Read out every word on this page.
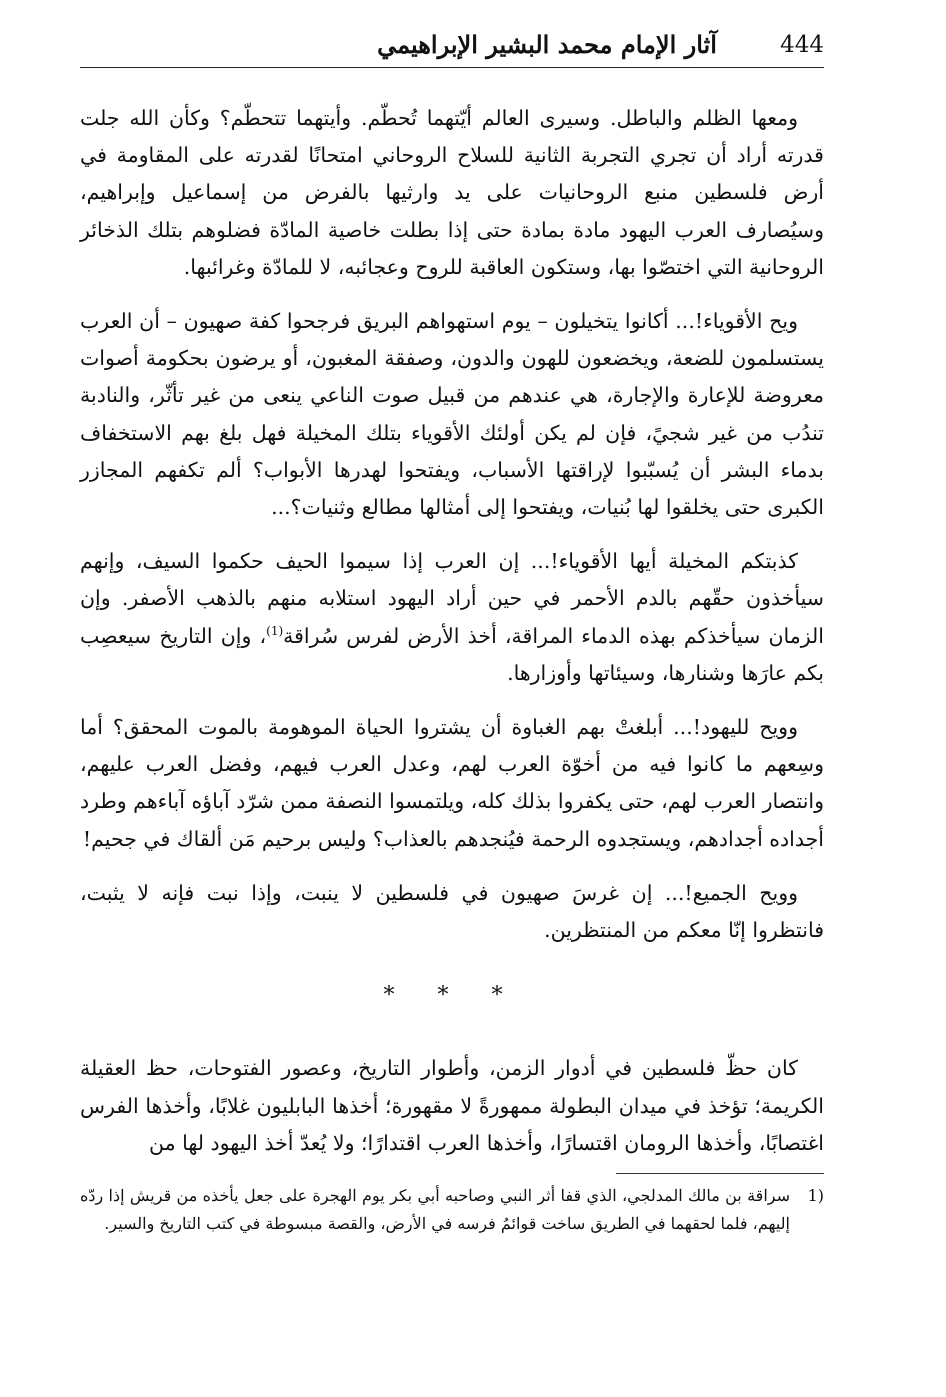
444
آثار الإمام محمد البشير الإبراهيمي

ومعها الظلم والباطل. وسيرى العالم أيّتهما تُحطّم. وأيتهما تتحطّم؟ وكأن الله جلت قدرته أراد أن تجري التجربة الثانية للسلاح الروحاني امتحانًا لقدرته على المقاومة في أرض فلسطين منبع الروحانيات على يد وارثيها بالفرض من إسماعيل وإبراهيم، وسيُصارف العرب اليهود مادة بمادة حتى إذا بطلت خاصية المادّة فضلوهم بتلك الذخائر الروحانية التي اختصّوا بها، وستكون العاقبة للروح وعجائبه، لا للمادّة وغرائبها.

ويح الأقوياء!... أكانوا يتخيلون – يوم استهواهم البريق فرجحوا كفة صهيون – أن العرب يستسلمون للضعة، ويخضعون للهون والدون، وصفقة المغبون، أو يرضون بحكومة أصوات معروضة للإعارة والإجارة، هي عندهم من قبيل صوت الناعي ينعى من غير تأثّر، والنادبة تندُب من غير شجيً، فإن لم يكن أولئك الأقوياء بتلك المخيلة فهل بلغ بهم الاستخفاف بدماء البشر أن يُسبّبوا لإراقتها الأسباب، ويفتحوا لهدرها الأبواب؟ ألم تكفهم المجازر الكبرى حتى يخلقوا لها بُنيات، ويفتحوا إلى أمثالها مطالع وثنيات؟...

كذبتكم المخيلة أيها الأقوياء!... إن العرب إذا سيموا الحيف حكموا السيف، وإنهم سيأخذون حقّهم بالدم الأحمر في حين أراد اليهود استلابه منهم بالذهب الأصفر. وإن الزمان سيأخذكم بهذه الدماء المراقة، أخذ الأرض لفرس سُراقة$^{(1)}$، وإن التاريخ سيعصِب بكم عارَها وشنارها، وسيئاتها وأوزارها.

وويح لليهود!... أبلغتْ بهم الغباوة أن يشتروا الحياة الموهومة بالموت المحقق؟ أما وسِعهم ما كانوا فيه من أخوّة العرب لهم، وعدل العرب فيهم، وفضل العرب عليهم، وانتصار العرب لهم، حتى يكفروا بذلك كله، ويلتمسوا النصفة ممن شرّد آباؤه آباءهم وطرد أجداده أجدادهم، ويستجدوه الرحمة فيُنجدهم بالعذاب؟ وليس برحيم مَن ألقاك في جحيم!

وويح الجميع!... إن غرسَ صهيون في فلسطين لا ينبت، وإذا نبت فإنه لا يثبت، فانتظروا إنّا معكم من المنتظرين.

* * *

كان حظّ فلسطين في أدوار الزمن، وأطوار التاريخ، وعصور الفتوحات، حظ العقيلة الكريمة؛ تؤخذ في ميدان البطولة ممهورةً لا مقهورة؛ أخذها البابليون غلابًا، وأخذها الفرس اغتصابًا، وأخذها الرومان اقتسارًا، وأخذها العرب اقتدارًا؛ ولا يُعدّ أخذ اليهود لها من

1)
سراقة بن مالك المدلجي، الذي قفا أثر النبي وصاحبه أبي بكر يوم الهجرة على جعل يأخذه من قريش إذا ردّه إليهم، فلما لحقهما في الطريق ساخت قوائمُ فرسه في الأرض، والقصة مبسوطة في كتب التاريخ والسير.
